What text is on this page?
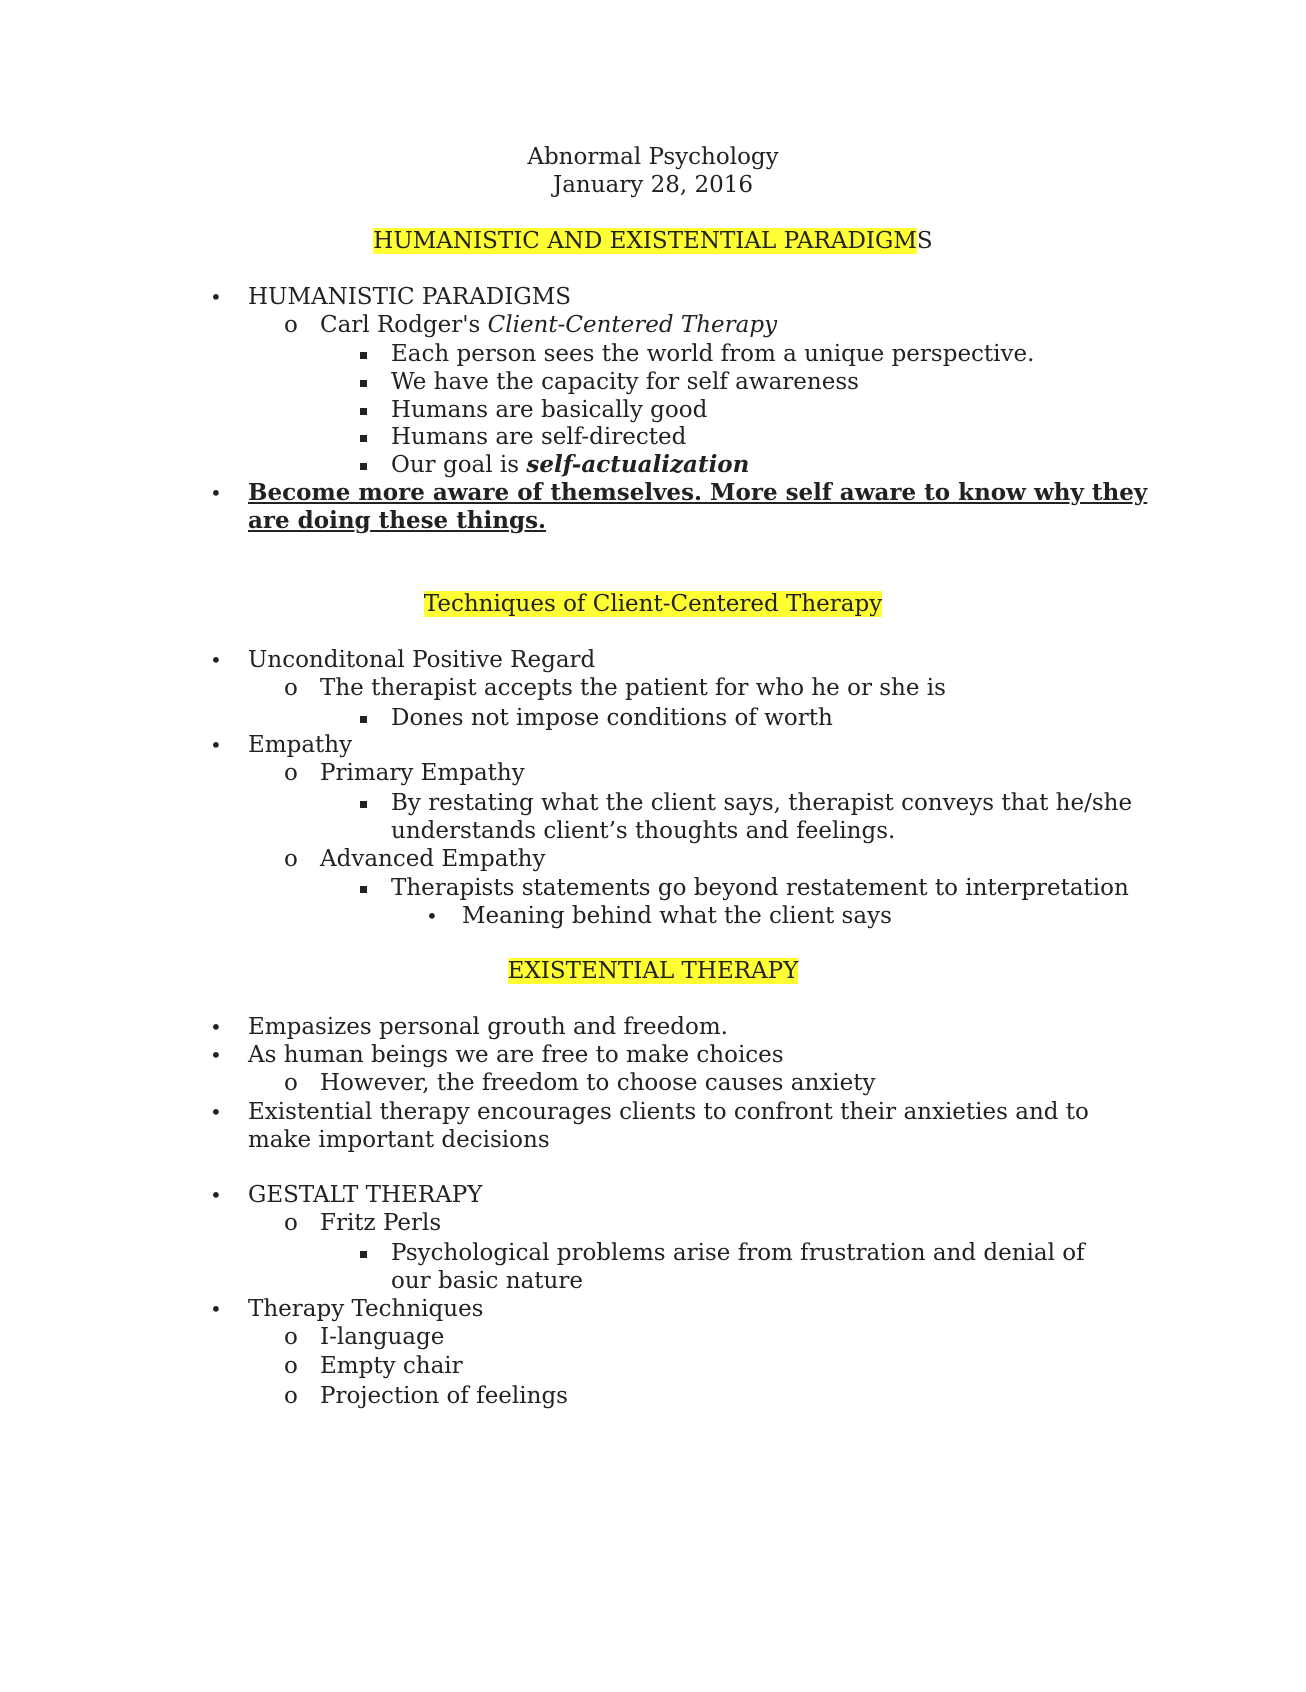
Abnormal Psychology
January 28, 2016
HUMANISTIC AND EXISTENTIAL PARADIGMS
• HUMANISTIC PARADIGMS
o Carl Rodger's Client-Centered Therapy
Each person sees the world from a unique perspective.
We have the capacity for self awareness
Humans are basically good
Humans are self-directed
Our goal is self-actualization
• Become more aware of themselves. More self aware to know why they
are doing these things.
Techniques of Client-Centered Therapy
• Unconditonal Positive Regard
o The therapist accepts the patient for who he or she is
Dones not impose conditions of worth
• Empathy
o Primary Empathy
By restating what the client says, therapist conveys that he/she
understands client’s thoughts and feelings.
o Advanced Empathy
Therapists statements go beyond restatement to interpretation
• Meaning behind what the client says
EXISTENTIAL THERAPY
• Empasizes personal grouth and freedom.
• As human beings we are free to make choices
o However, the freedom to choose causes anxiety
• Existential therapy encourages clients to confront their anxieties and to
make important decisions
• GESTALT THERAPY
o Fritz Perls
Psychological problems arise from frustration and denial of
our basic nature
• Therapy Techniques
o I-language
o Empty chair
o Projection of feelings
